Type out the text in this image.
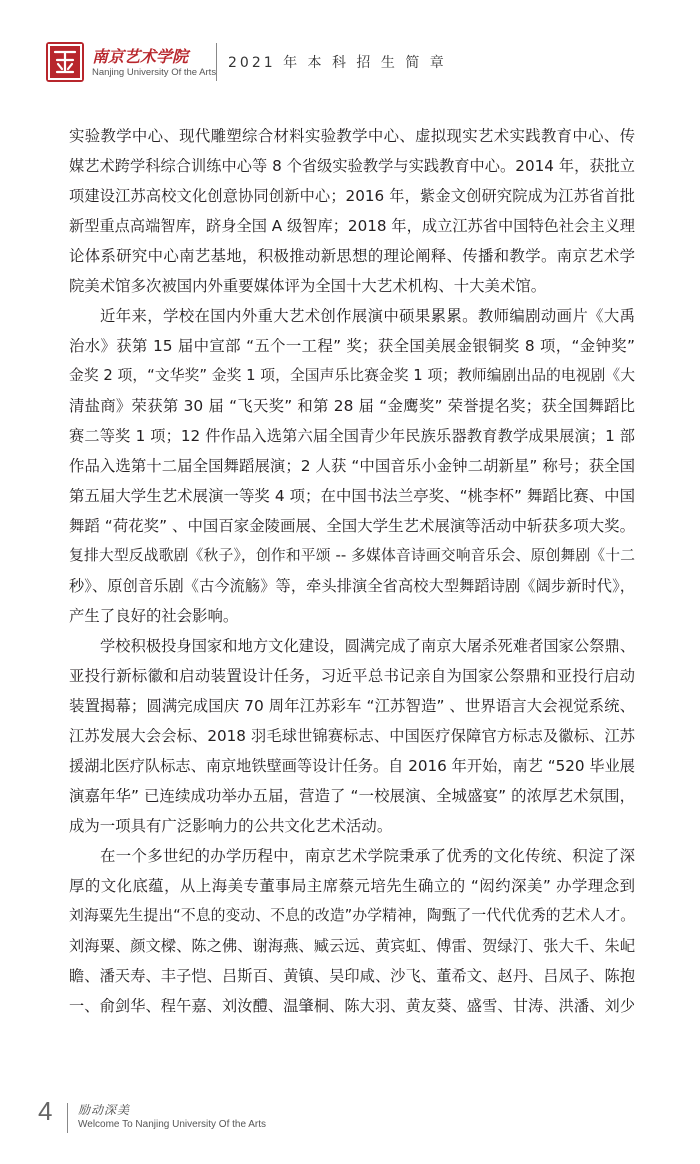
南京艺术学院
Nanjing University Of the Arts
2021 年 本 科 招 生 简 章

实验教学中心、现代雕塑综合材料实验教学中心、虚拟现实艺术实践教育中心、传
媒艺术跨学科综合训练中心等 8 个省级实验教学与实践教育中心。2014 年，获批立
项建设江苏高校文化创意协同创新中心；2016 年，紫金文创研究院成为江苏省首批
新型重点高端智库，跻身全国 A 级智库；2018 年，成立江苏省中国特色社会主义理
论体系研究中心南艺基地，积极推动新思想的理论阐释、传播和教学。南京艺术学
院美术馆多次被国内外重要媒体评为全国十大艺术机构、十大美术馆。

近年来，学校在国内外重大艺术创作展演中硕果累累。教师编剧动画片《大禹
治水》获第 15 届中宣部 “五个一工程” 奖；获全国美展金银铜奖 8 项，“金钟奖”
金奖 2 项，“文华奖” 金奖 1 项，全国声乐比赛金奖 1 项；教师编剧出品的电视剧《大
清盐商》荣获第 30 届 “飞天奖” 和第 28 届 “金鹰奖” 荣誉提名奖；获全国舞蹈比
赛二等奖 1 项；12 件作品入选第六届全国青少年民族乐器教育教学成果展演；1 部
作品入选第十二届全国舞蹈展演；2 人获 “中国音乐小金钟二胡新星” 称号；获全国
第五届大学生艺术展演一等奖 4 项；在中国书法兰亭奖、“桃李杯” 舞蹈比赛、中国
舞蹈 “荷花奖” 、中国百家金陵画展、全国大学生艺术展演等活动中斩获多项大奖。
复排大型反战歌剧《秋子》，创作和平颂 -- 多媒体音诗画交响音乐会、原创舞剧《十二
秒》、原创音乐剧《古今流觞》等，牵头排演全省高校大型舞蹈诗剧《阔步新时代》，
产生了良好的社会影响。

学校积极投身国家和地方文化建设，圆满完成了南京大屠杀死难者国家公祭鼎、
亚投行新标徽和启动装置设计任务，习近平总书记亲自为国家公祭鼎和亚投行启动
装置揭幕；圆满完成国庆 70 周年江苏彩车 “江苏智造” 、世界语言大会视觉系统、
江苏发展大会会标、2018 羽毛球世锦赛标志、中国医疗保障官方标志及徽标、江苏
援湖北医疗队标志、南京地铁壁画等设计任务。自 2016 年开始，南艺 “520 毕业展
演嘉年华” 已连续成功举办五届，营造了 “一校展演、全城盛宴” 的浓厚艺术氛围，
成为一项具有广泛影响力的公共文化艺术活动。

在一个多世纪的办学历程中，南京艺术学院秉承了优秀的文化传统、积淀了深
厚的文化底蕴，从上海美专董事局主席蔡元培先生确立的 “闳约深美” 办学理念到
刘海粟先生提出“不息的变动、不息的改造”办学精神，陶甄了一代代优秀的艺术人才。
刘海粟、颜文樑、陈之佛、谢海燕、臧云远、黄宾虹、傅雷、贺绿汀、张大千、朱屺
瞻、潘天寿、丰子恺、吕斯百、黄镇、吴印咸、沙飞、董希文、赵丹、吕凤子、陈抱
一、俞剑华、程午嘉、刘汝醴、温肇桐、陈大羽、黄友葵、盛雪、甘涛、洪潘、刘少

4 励动深美
Welcome To Nanjing University Of the Arts
